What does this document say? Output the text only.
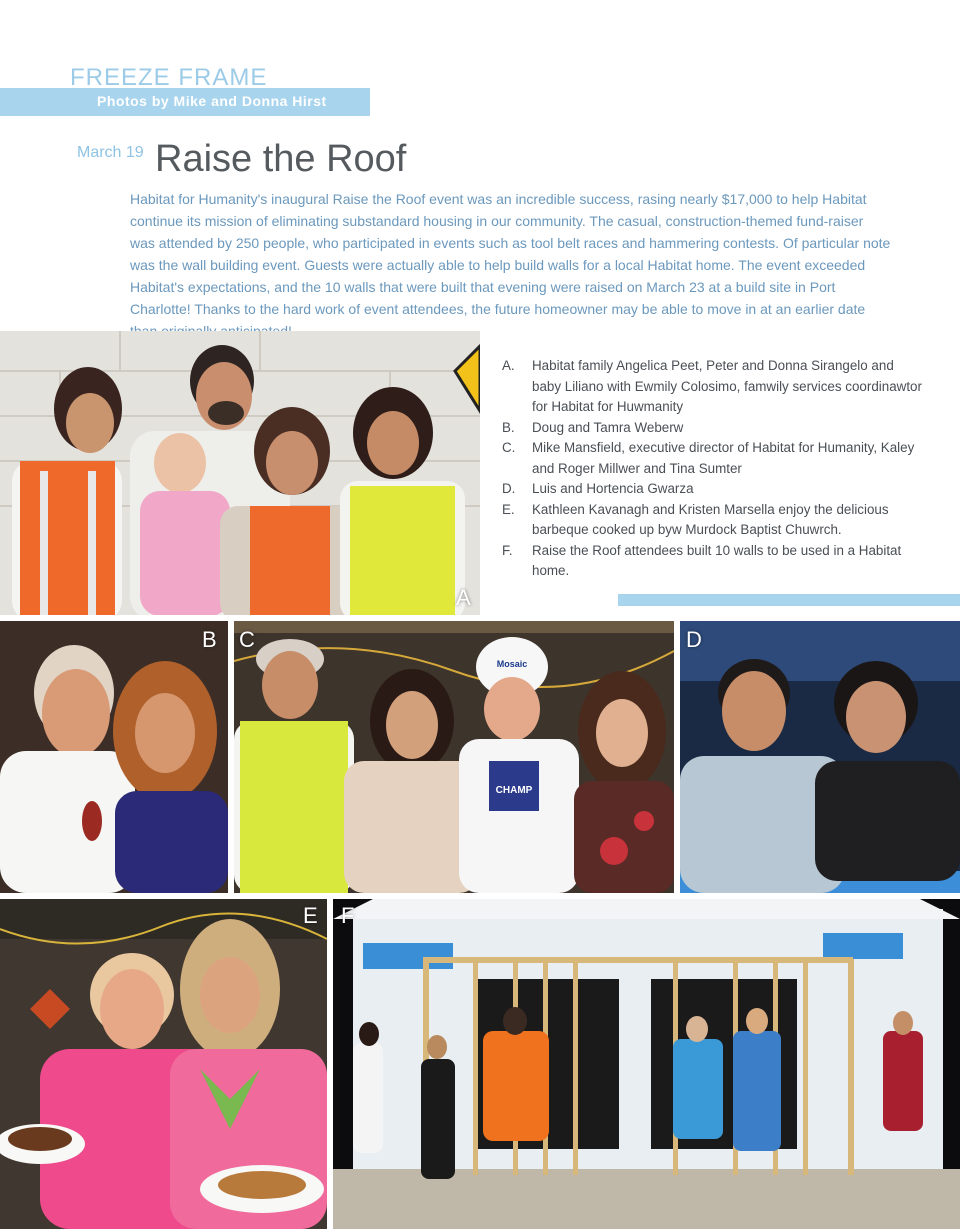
FREEZE FRAME
Photos by Mike and Donna Hirst
March 19 Raise the Roof

Habitat for Humanity's inaugural Raise the Roof event was an incredible success, rasing nearly $17,000 to help Habitat continue its mission of eliminating substandard housing in our community. The casual, construction-themed fund-raiser was attended by 250 people, who participated in events such as tool belt races and hammering contests. Of particular note was the wall building event. Guests were actually able to help build walls for a local Habitat home. The event exceeded Habitat's expectations, and the 10 walls that were built that evening were raised on March 23 at a build site in Port Charlotte! Thanks to the hard work of event attendees, the future homeowner may be able to move in at an earlier date

A
A.	Habitat family Angelica Peet, Peter and Donna Sirangelo and baby Liliano with Ewmily Colosimo, famwily services coordinawtor for Habitat for Huwmanity
B.	Doug and Tamra Weberw
C.	Mike Mansfield, executive director of Habitat for Humanity, Kaley and Roger Millwer and Tina Sumter
D.	Luis and Hortencia Gwarza
E.	Kathleen Kavanagh and Kristen Marsella enjoy the delicious barbeque cooked up byw Murdock Baptist Chuwrch.
F.	Raise the Roof attendees built 10 walls to be used in a Habitat home.
B
Mosaic
CHAMP
C	D
E F
